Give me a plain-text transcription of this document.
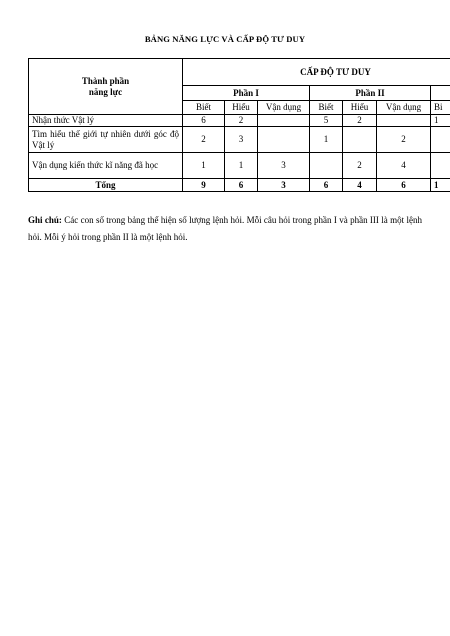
BẢNG NĂNG LỰC VÀ CẤP ĐỘ TƯ DUY
Thành phần
năng lực	CẤP ĐỘ TƯ DUY						
	Phần I			Phần II			
	Biết	Hiểu	Vận dụng	Biết	Hiểu	Vận dụng	Bi
Nhận thức Vật lý	6	2		5	2		1
Tìm hiểu thế giới tự nhiên dưới góc độ Vật lý	2	3		1		2	
Vận dụng kiến thức kĩ năng đã học	1	1	3		2	4	
Tổng	9	6	3	6	4	6	1

Ghi chú: Các con số trong bảng thể hiện số lượng lệnh hỏi. Mỗi câu hỏi trong phần I và phần III là một lệnh hỏi. Mỗi ý hỏi trong phần II là một lệnh hỏi.
